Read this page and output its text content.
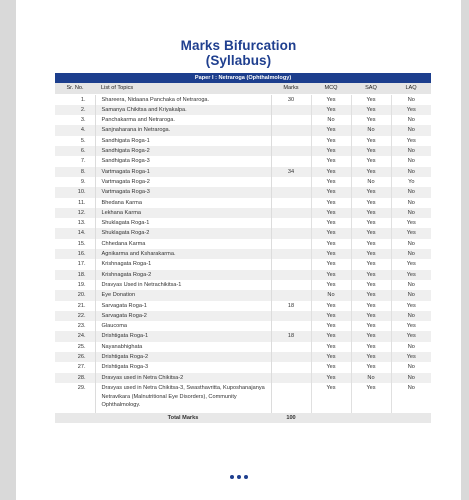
Marks Bifurcation
(Syllabus)
Paper I : Netraroga (Ophthalmology)					
Sr. No.	List of Topics	Marks	MCQ	SAQ	LAQ
1.	Shareera, Nidaana Panchaka of Netraroga.	30	Yes	Yes	No
2.	Samanya Chikitsa and Kriyakalpa.		Yes	Yes	Yes
3.	Panchakarma and Netraroga.		No	Yes	No
4.	Sanjnaharana in Netraroga.		Yes	No	No
5.	Sandhigata Roga-1		Yes	Yes	Yes
6.	Sandhigata Roga-2		Yes	Yes	No
7.	Sandhigata Roga-3		Yes	Yes	No
8.	Vartmagata Roga-1	34	Yes	Yes	No
9.	Vartmagata Roga-2		Yes	No	Yo
10.	Vartmagata Roga-3		Yes	Yes	No
11.	Bhedana Karma		Yes	Yes	No
12.	Lekhana Karma		Yes	Yes	No
13.	Shuklagata Roga-1		Yes	Yes	Yes
14.	Shuklagata Roga-2		Yes	Yes	Yes
15.	Chhedana Karma		Yes	Yes	No
16.	Agnikarma and Ksharakarma.		Yes	Yes	No
17.	Krishnagata Roga-1		Yes	Yes	Yes
18.	Krishnagata Roga-2		Yes	Yes	Yes
19.	Dravyas Used in Netrachikitsa-1		Yes	Yes	No
20.	Eye Donation		No	Yes	No
21.	Sarvagata Roga-1	18	Yes	Yes	Yes
22.	Sarvagata Roga-2		Yes	Yes	No
23.	Glaucoma		Yes	Yes	Yes
24.	Drishtigata Roga-1	18	Yes	Yes	Yes
25.	Nayanabhighata		Yes	Yes	No
26.	Drishtigata Roga-2		Yes	Yes	Yes
27.	Drishtigata Roga-3		Yes	Yes	No
28.	Dravyas used in Netra Chikitsa-2		Yes	No	No
29.	Dravyas used in Netra Chikitsa-3, Swasthavritta, Kuposhanajanya Netravikara (Malnutritional Eye Disorders), Community Ophthalmology.		Yes	Yes	No
	Total Marks	100			
